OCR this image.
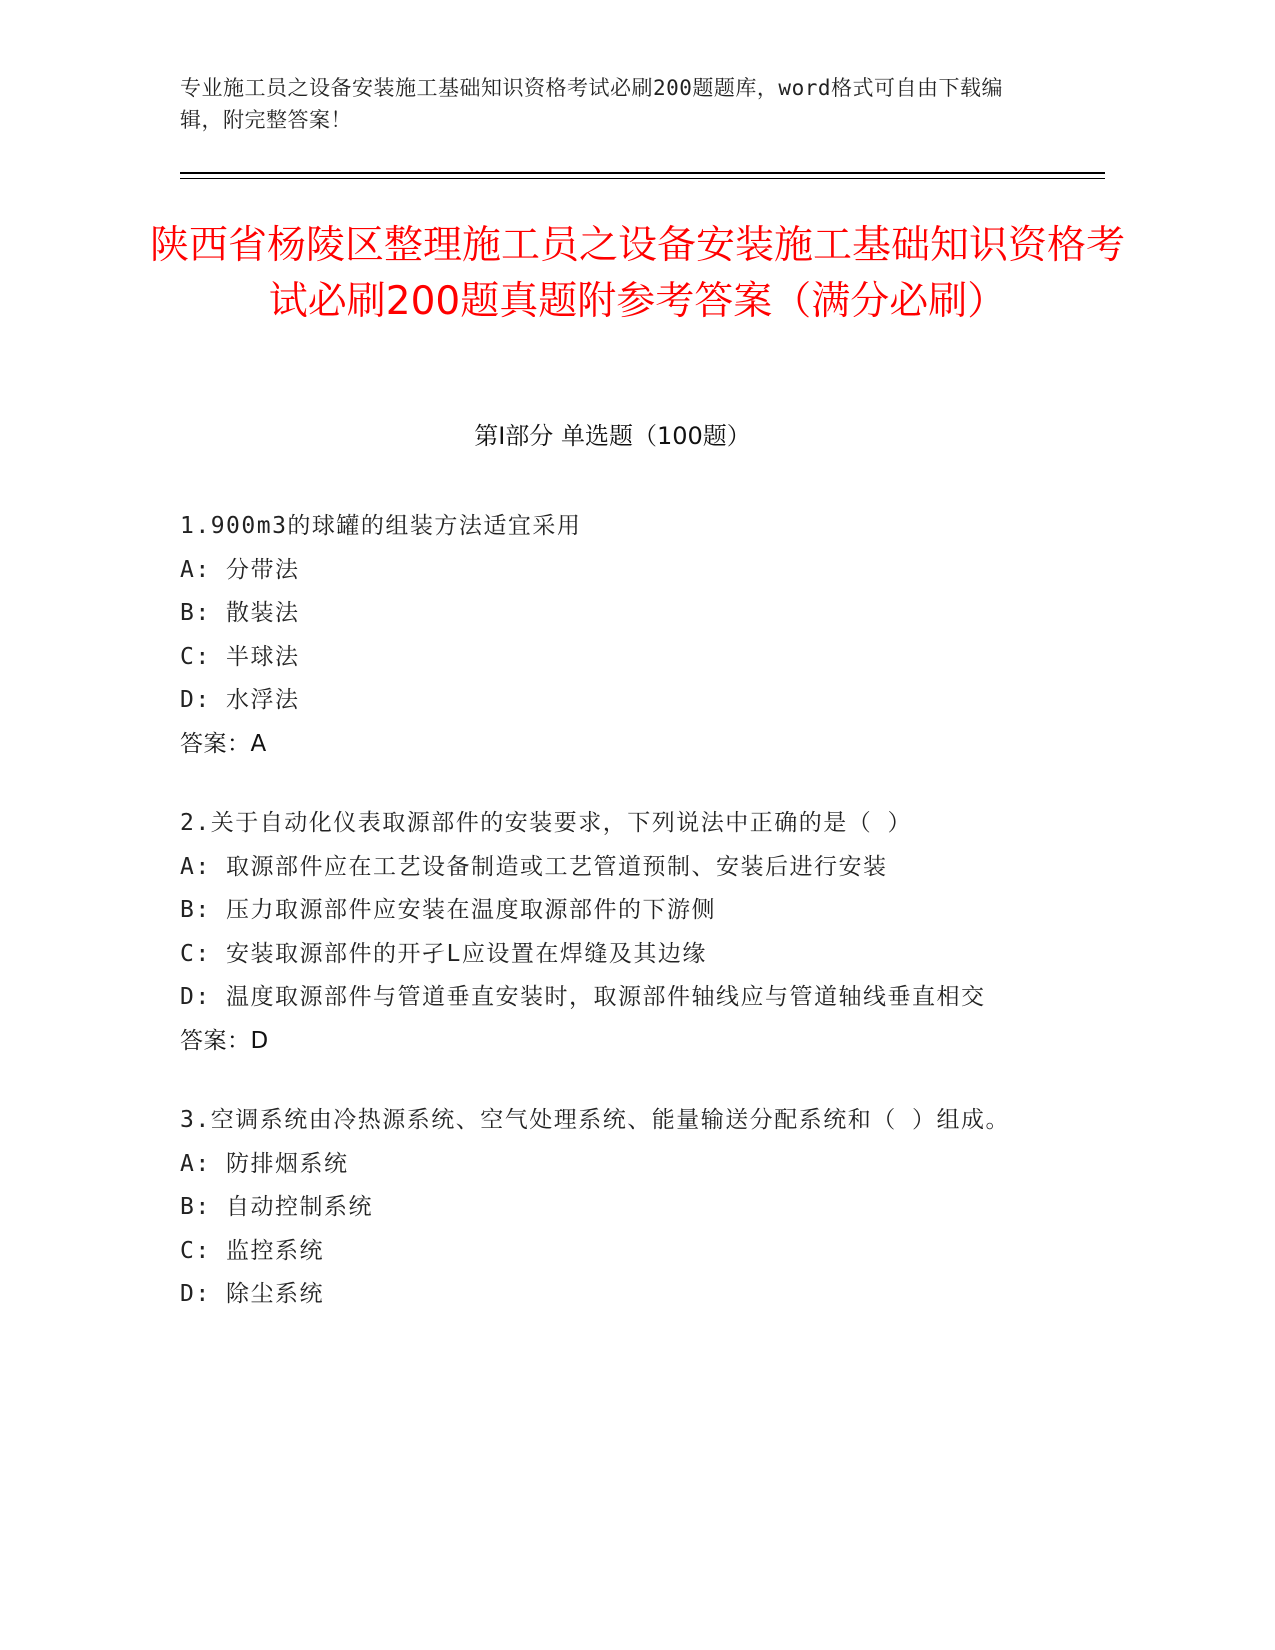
专业施工员之设备安装施工基础知识资格考试必刷200题题库，word格式可自由下载编辑，附完整答案！
陕西省杨陵区整理施工员之设备安装施工基础知识资格考试必刷200题真题附参考答案（满分必刷）
第Ⅰ部分 单选题（100题）
1.900m3的球罐的组装方法适宜采用
A: 分带法
B: 散装法
C: 半球法
D: 水浮法
答案：A
2.关于自动化仪表取源部件的安装要求，下列说法中正确的是（ ）
A: 取源部件应在工艺设备制造或工艺管道预制、安装后进行安装
B: 压力取源部件应安装在温度取源部件的下游侧
C: 安装取源部件的开孑L应设置在焊缝及其边缘
D: 温度取源部件与管道垂直安装时，取源部件轴线应与管道轴线垂直相交
答案：D
3.空调系统由冷热源系统、空气处理系统、能量输送分配系统和（ ）组成。
A: 防排烟系统
B: 自动控制系统
C: 监控系统
D: 除尘系统
